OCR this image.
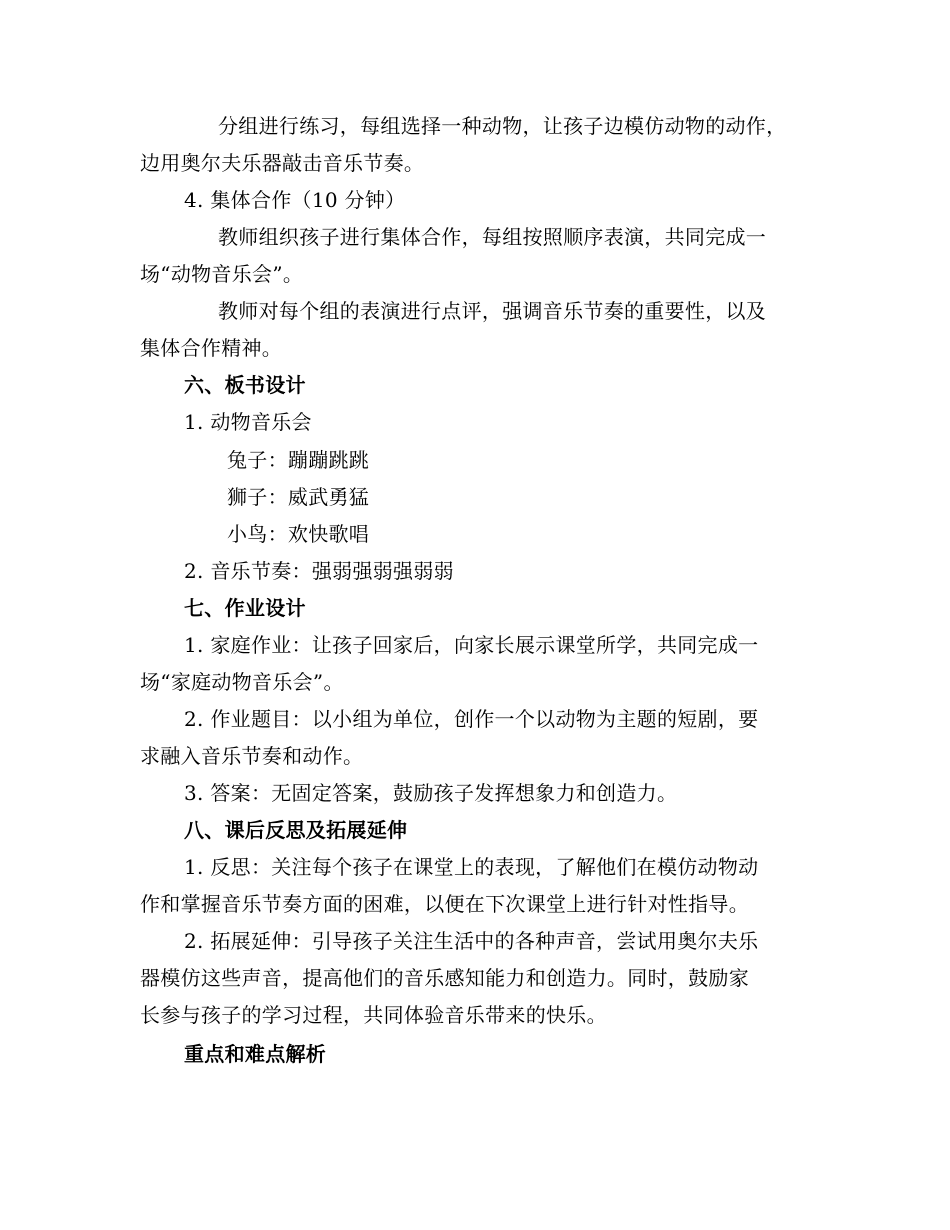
分组进行练习，每组选择一种动物，让孩子边模仿动物的动作，
边用奥尔夫乐器敲击音乐节奏。
4. 集体合作（10 分钟）
教师组织孩子进行集体合作，每组按照顺序表演，共同完成一
场“动物音乐会”。
教师对每个组的表演进行点评，强调音乐节奏的重要性，以及
集体合作精神。
六、板书设计
1. 动物音乐会
兔子：蹦蹦跳跳
狮子：威武勇猛
小鸟：欢快歌唱
2. 音乐节奏：强弱强弱强弱弱
七、作业设计
1. 家庭作业：让孩子回家后，向家长展示课堂所学，共同完成一
场“家庭动物音乐会”。
2. 作业题目：以小组为单位，创作一个以动物为主题的短剧，要
求融入音乐节奏和动作。
3. 答案：无固定答案，鼓励孩子发挥想象力和创造力。
八、课后反思及拓展延伸
1. 反思：关注每个孩子在课堂上的表现，了解他们在模仿动物动
作和掌握音乐节奏方面的困难，以便在下次课堂上进行针对性指导。
2. 拓展延伸：引导孩子关注生活中的各种声音，尝试用奥尔夫乐
器模仿这些声音，提高他们的音乐感知能力和创造力。同时，鼓励家
长参与孩子的学习过程，共同体验音乐带来的快乐。
重点和难点解析
